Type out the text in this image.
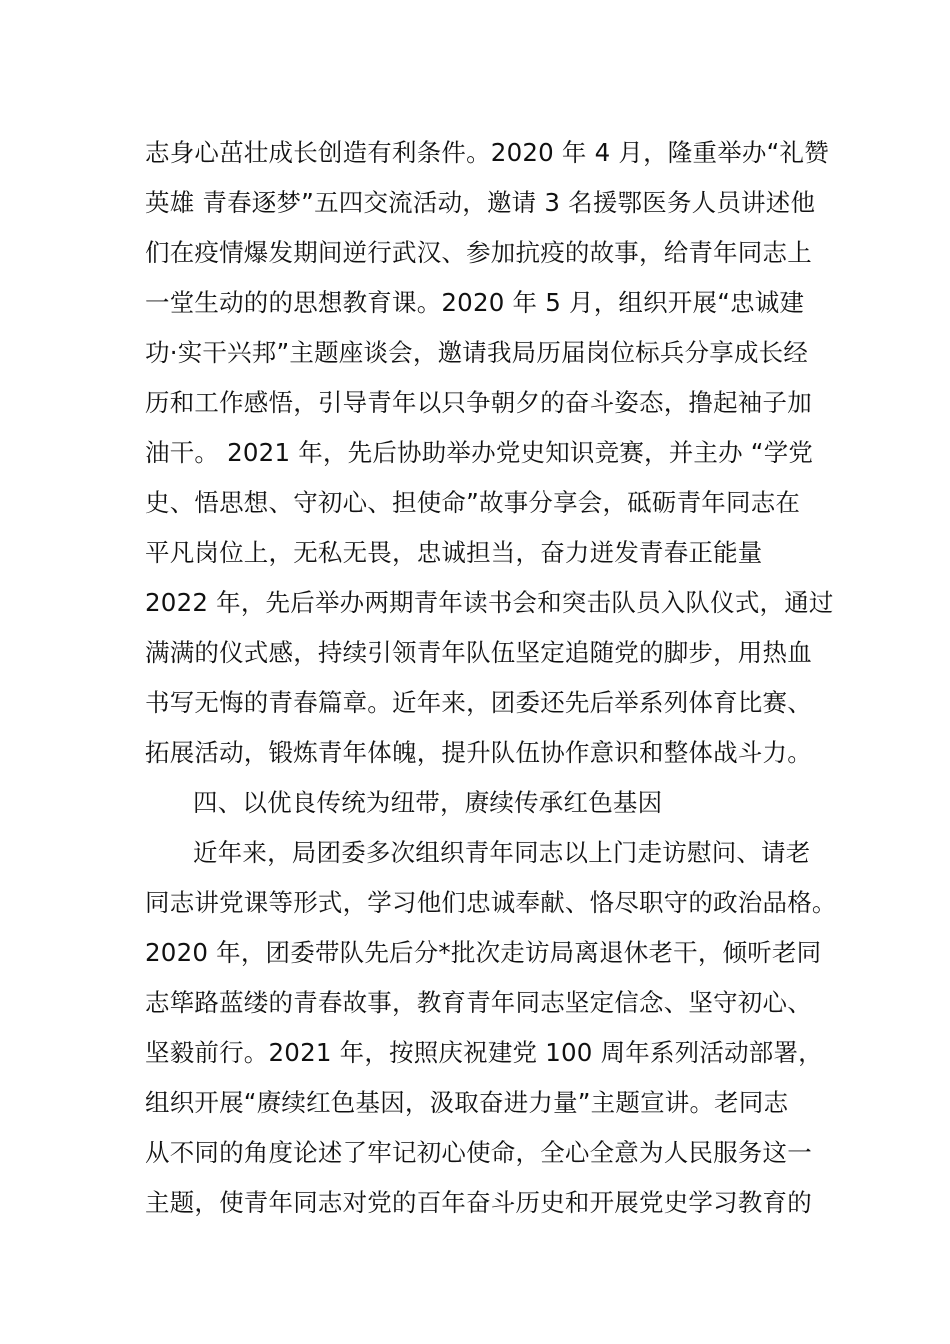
志身心茁壮成长创造有利条件。2020 年 4 月，隆重举办“礼赞
英雄 青春逐梦”五四交流活动，邀请 3 名援鄂医务人员讲述他
们在疫情爆发期间逆行武汉、参加抗疫的故事，给青年同志上
一堂生动的的思想教育课。2020 年 5 月，组织开展“忠诚建
功·实干兴邦”主题座谈会，邀请我局历届岗位标兵分享成长经
历和工作感悟，引导青年以只争朝夕的奋斗姿态，撸起袖子加
油干。 2021 年，先后协助举办党史知识竞赛，并主办 “学党
史、悟思想、守初心、担使命”故事分享会，砥砺青年同志在
平凡岗位上，无私无畏，忠诚担当，奋力迸发青春正能量
2022 年，先后举办两期青年读书会和突击队员入队仪式，通过
满满的仪式感，持续引领青年队伍坚定追随党的脚步，用热血
书写无悔的青春篇章。近年来，团委还先后举系列体育比赛、
拓展活动，锻炼青年体魄，提升队伍协作意识和整体战斗力。
四、以优良传统为纽带，赓续传承红色基因
近年来，局团委多次组织青年同志以上门走访慰问、请老
同志讲党课等形式，学习他们忠诚奉献、恪尽职守的政治品格。
2020 年，团委带队先后分*批次走访局离退休老干，倾听老同
志筚路蓝缕的青春故事，教育青年同志坚定信念、坚守初心、
坚毅前行。2021 年，按照庆祝建党 100 周年系列活动部署，
组织开展“赓续红色基因，汲取奋进力量”主题宣讲。老同志
从不同的角度论述了牢记初心使命，全心全意为人民服务这一
主题，使青年同志对党的百年奋斗历史和开展党史学习教育的
